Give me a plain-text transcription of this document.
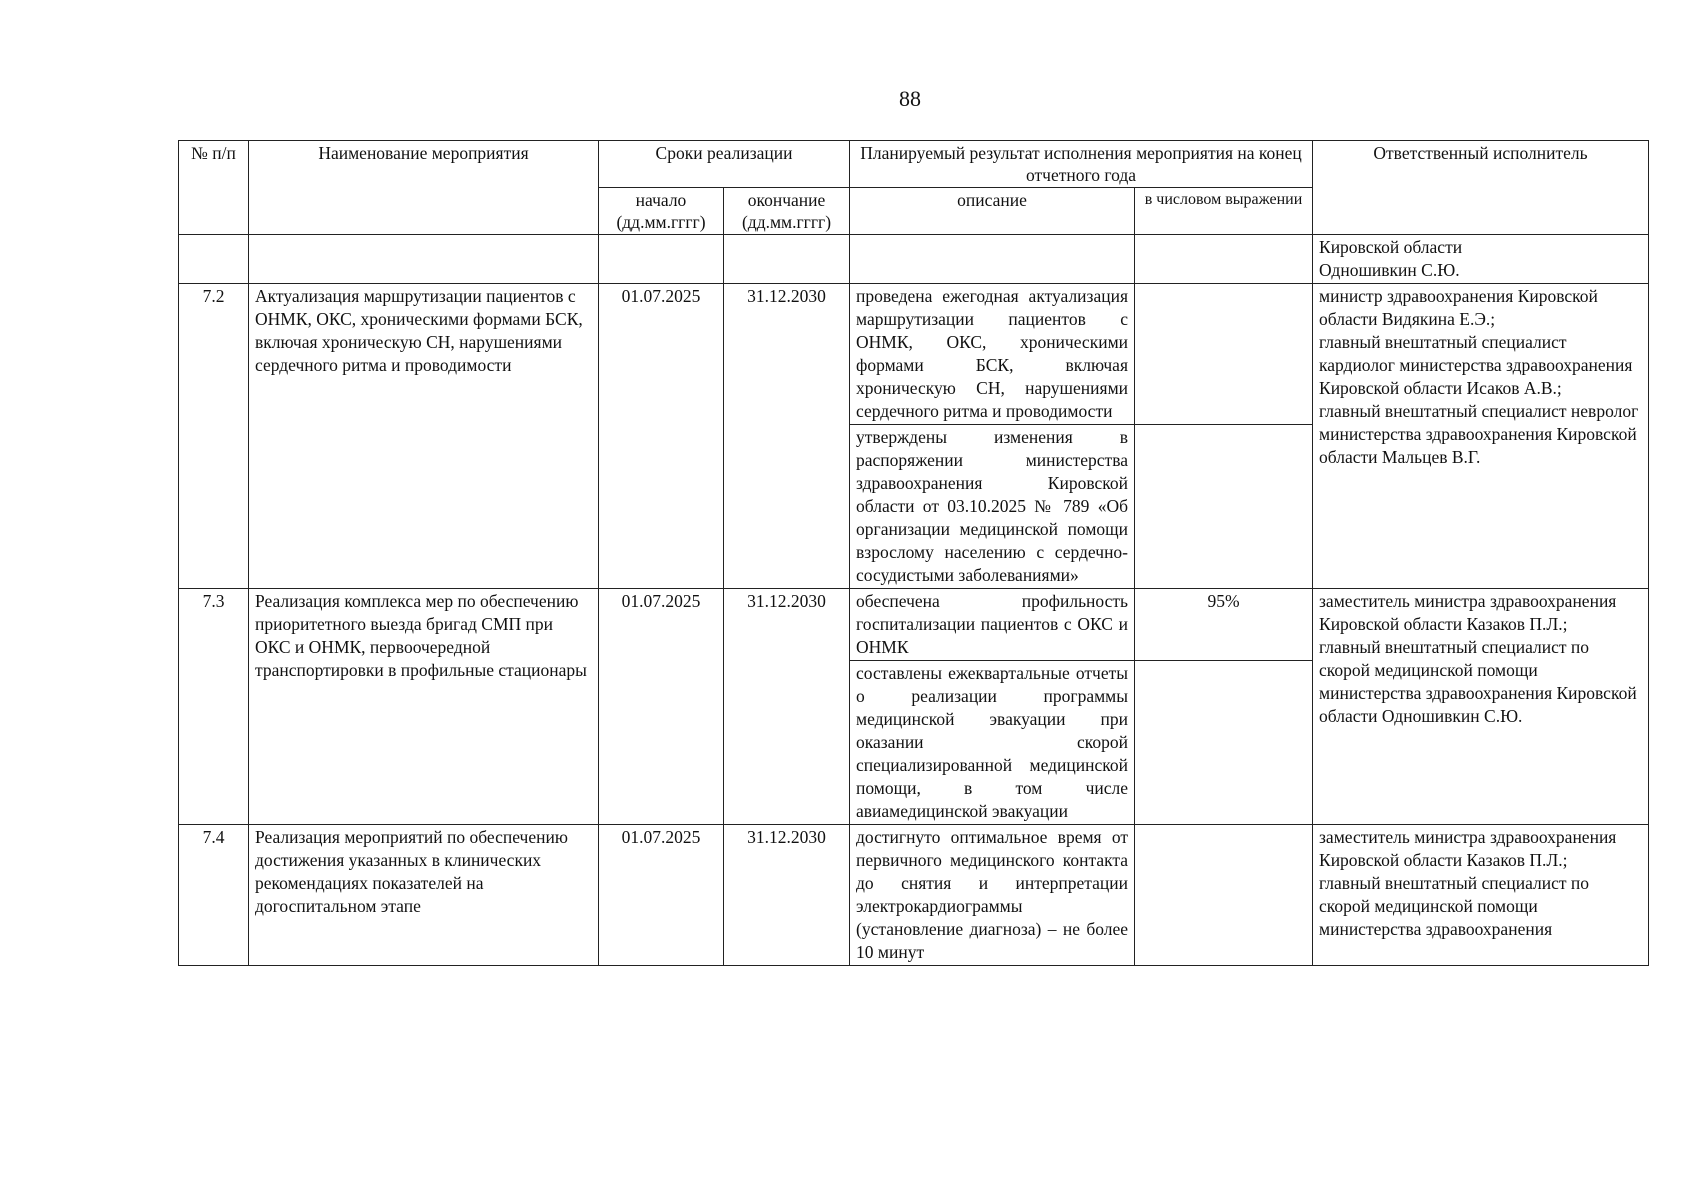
88
№ п/п	Наименование мероприятия	Сроки реализации		Планируемый результат исполнения мероприятия на конец отчетного года		Ответственный исполнитель
		начало (дд.мм.гггг)	окончание (дд.мм.гггг)	описание	в числовом выражении	
						Кировской области
Одношивкин С.Ю.
7.2	Актуализация маршрутизации пациентов с ОНМК, ОКС, хроническими формами БСК, включая хроническую СН, нарушениями сердечного ритма и проводимости	01.07.2025	31.12.2030	проведена ежегодная актуализация маршрутизации пациентов с ОНМК, ОКС, хроническими формами БСК, включая хроническую СН, нарушениями сердечного ритма и проводимости		министр здравоохранения Кировской области Видякина Е.Э.;
главный внештатный специалист кардиолог министерства здравоохранения Кировской области Исаков А.В.;
главный внештатный специалист невролог министерства здравоохранения Кировской области Мальцев В.Г.
				утверждены изменения в распоряжении министерства здравоохранения Кировской области от 03.10.2025 № 789 «Об организации медицинской помощи взрослому населению с сердечно-сосудистыми заболеваниями»		
7.3	Реализация комплекса мер по обеспечению приоритетного выезда бригад СМП при ОКС и ОНМК, первоочередной транспортировки в профильные стационары	01.07.2025	31.12.2030	обеспечена профильность госпитализации пациентов с ОКС и ОНМК	95%	заместитель министра здравоохранения Кировской области Казаков П.Л.;
главный внештатный специалист по скорой медицинской помощи министерства здравоохранения Кировской области Одношивкин С.Ю.
				составлены ежеквартальные отчеты о реализации программы медицинской эвакуации при оказании скорой специализированной медицинской помощи, в том числе авиамедицинской эвакуации		
7.4	Реализация мероприятий по обеспечению достижения указанных в клинических рекомендациях показателей на догоспитальном этапе	01.07.2025	31.12.2030	достигнуто оптимальное время от первичного медицинского контакта до снятия и интерпретации электрокардиограммы (установление диагноза) – не более 10 минут		заместитель министра здравоохранения Кировской области Казаков П.Л.;
главный внештатный специалист по скорой медицинской помощи министерства здравоохранения
